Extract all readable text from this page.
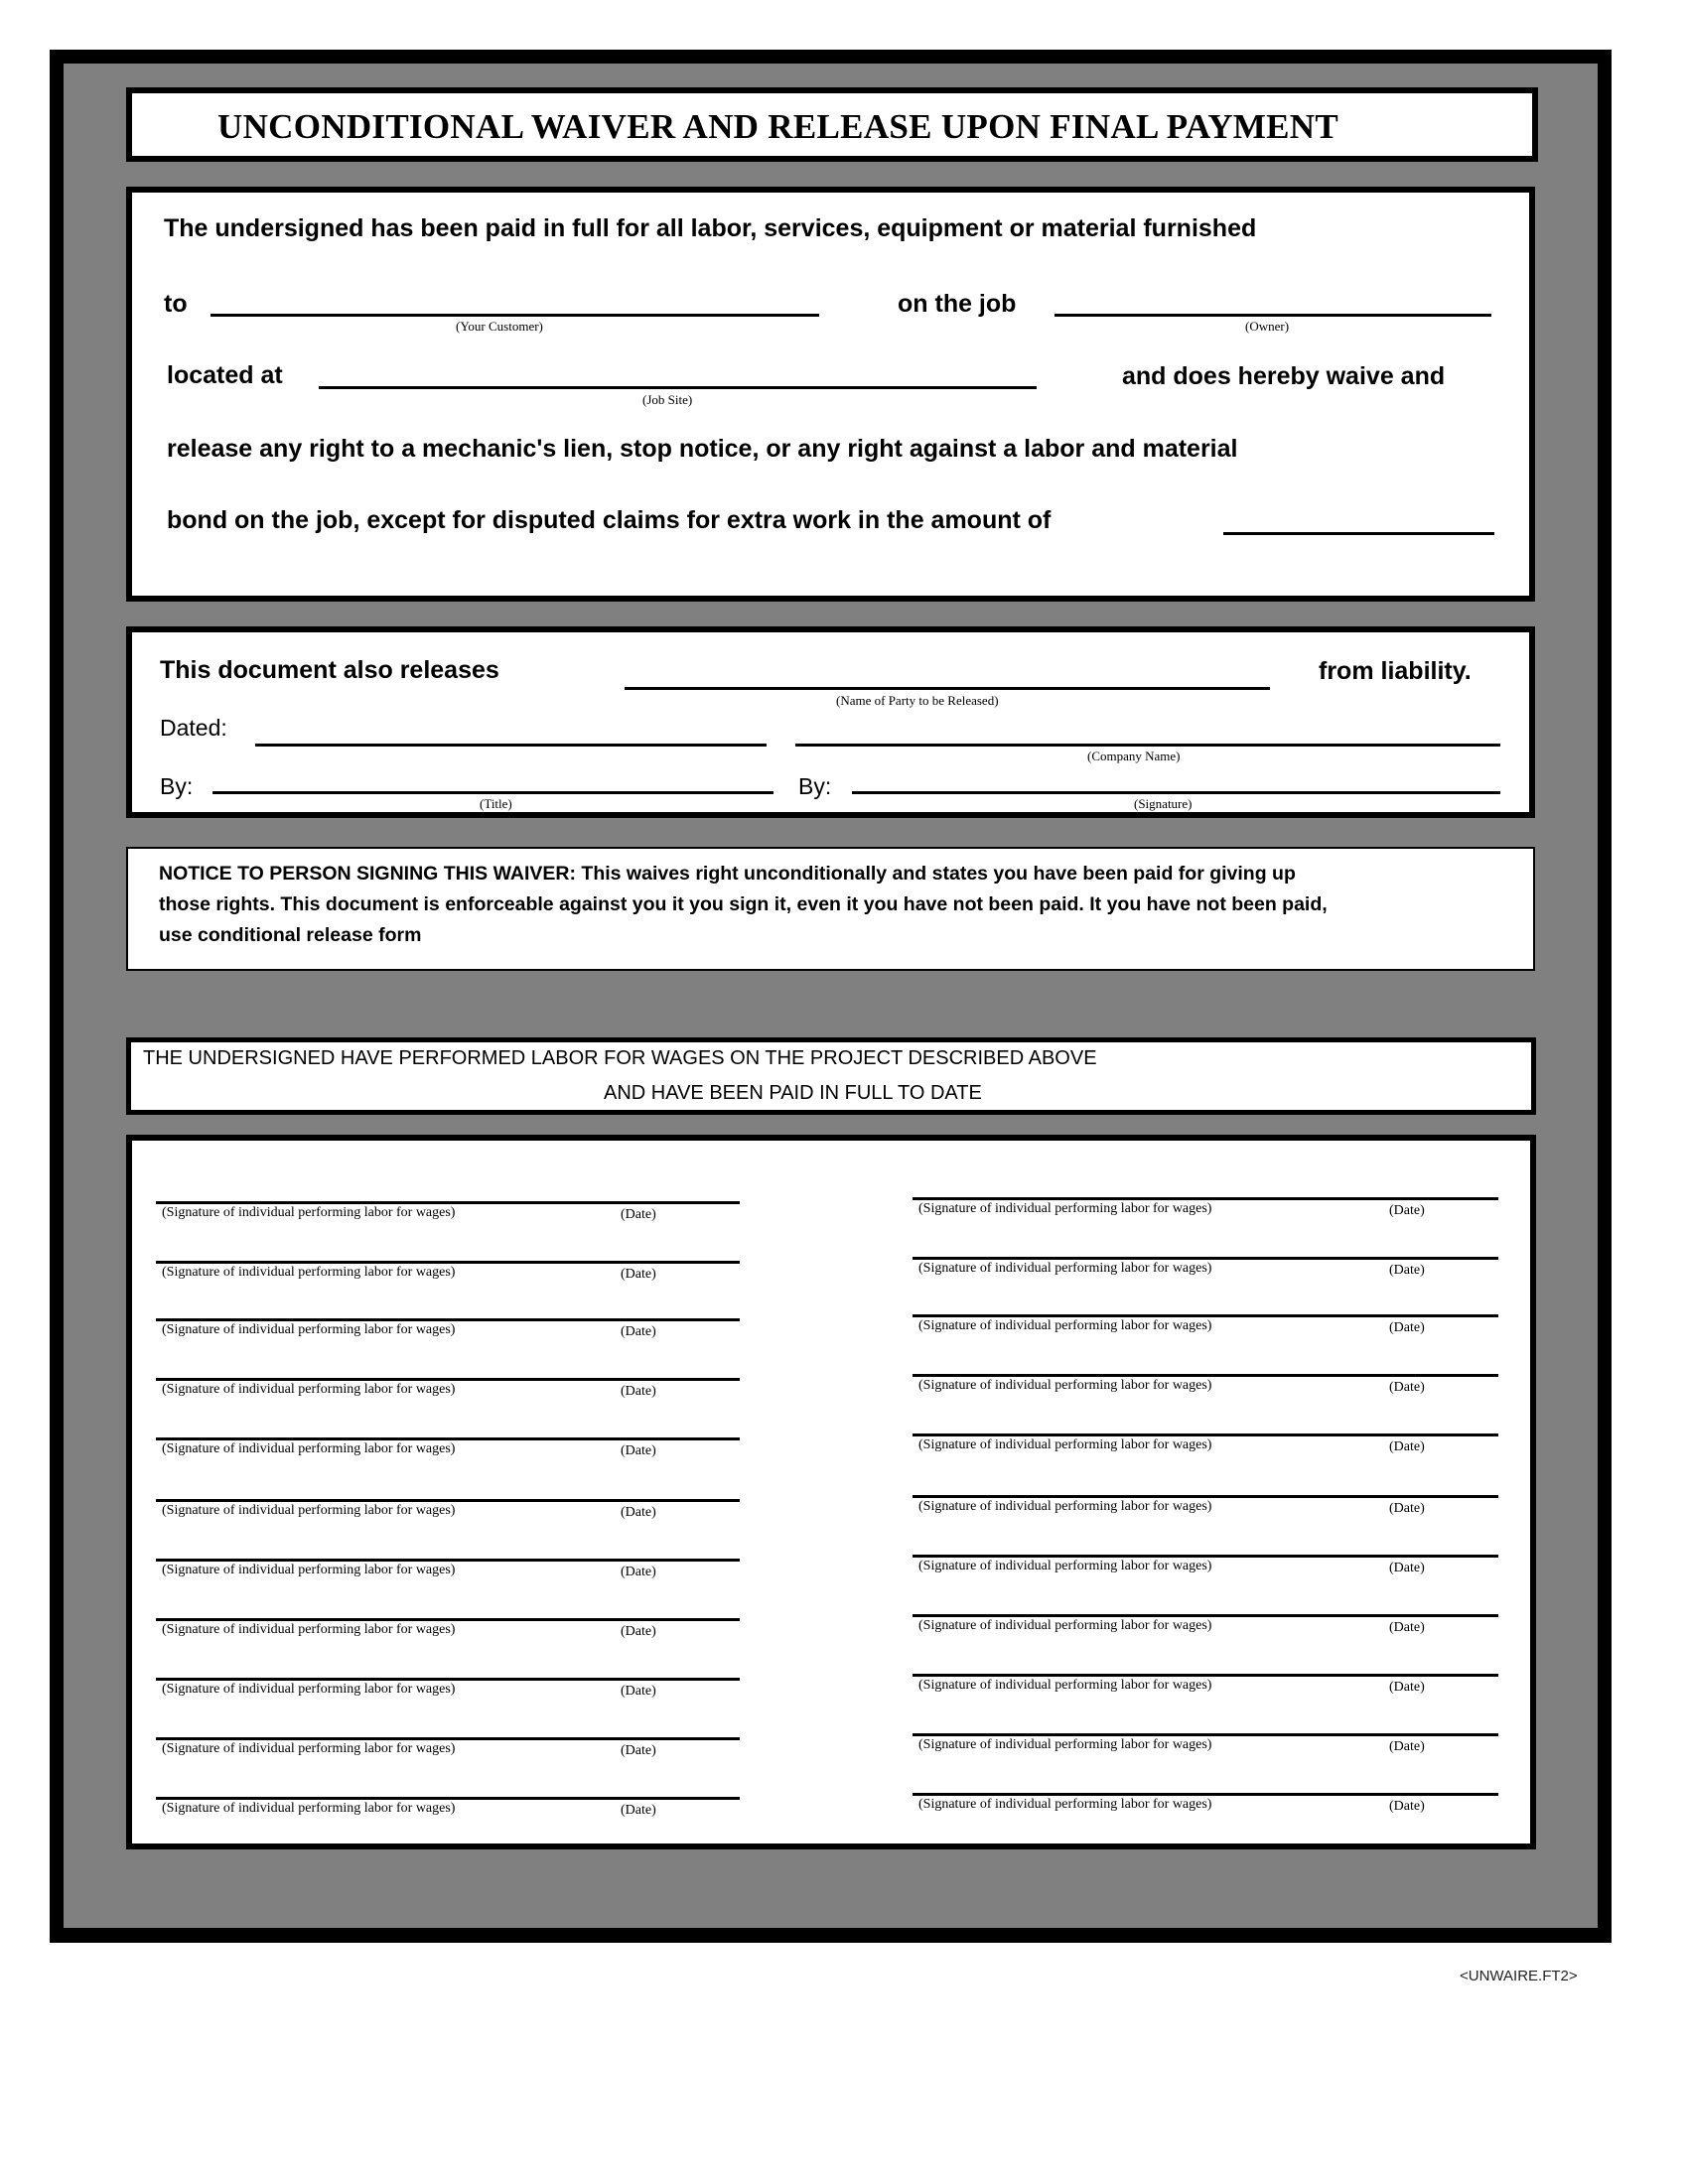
UNCONDITIONAL WAIVER AND RELEASE UPON FINAL PAYMENT
The undersigned has been paid in full for all labor, services, equipment or material furnished
to
(Your Customer)
on the job
(Owner)
located at
(Job Site)
and does hereby waive and
release any right to a mechanic's lien, stop notice, or any right against a labor and material
bond on the job, except for disputed claims for extra work in the amount of
This document also releases
(Name of Party to be Released)
from liability.
Dated:
(Company Name)
By:
(Title)
By:
(Signature)
NOTICE TO PERSON SIGNING THIS WAIVER: This waives right unconditionally and states you have been paid for giving up
those rights. This document is enforceable against you it you sign it, even it you have not been paid. It you have not been paid,
use conditional release form
THE UNDERSIGNED HAVE PERFORMED LABOR FOR WAGES ON THE PROJECT DESCRIBED ABOVE
AND HAVE BEEN PAID IN FULL TO DATE
(Signature of individual performing labor for wages)	(Date)
(Signature of individual performing labor for wages)	(Date)
(Signature of individual performing labor for wages)	(Date)
(Signature of individual performing labor for wages)	(Date)
(Signature of individual performing labor for wages)	(Date)
(Signature of individual performing labor for wages)	(Date)
(Signature of individual performing labor for wages)	(Date)
(Signature of individual performing labor for wages)	(Date)
(Signature of individual performing labor for wages)	(Date)
(Signature of individual performing labor for wages)	(Date)
(Signature of individual performing labor for wages)	(Date)
(Signature of individual performing labor for wages)	(Date)
(Signature of individual performing labor for wages)	(Date)
(Signature of individual performing labor for wages)	(Date)
(Signature of individual performing labor for wages)	(Date)
(Signature of individual performing labor for wages)	(Date)
(Signature of individual performing labor for wages)	(Date)
(Signature of individual performing labor for wages)	(Date)
(Signature of individual performing labor for wages)	(Date)
(Signature of individual performing labor for wages)	(Date)
(Signature of individual performing labor for wages)	(Date)
(Signature of individual performing labor for wages)	(Date)
<UNWAIRE.FT2>
